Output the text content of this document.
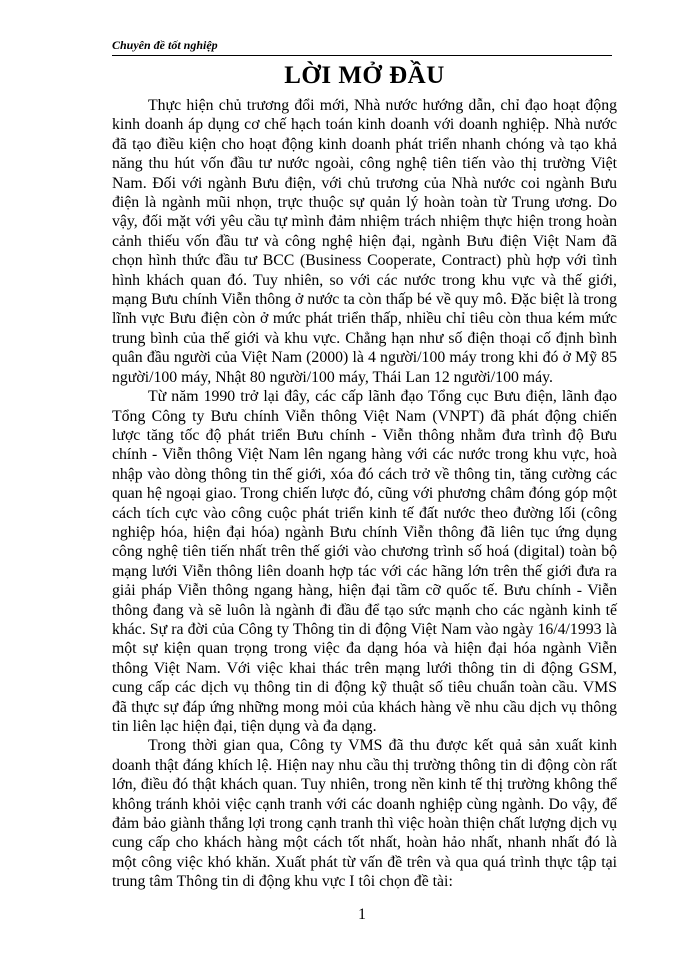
Chuyên đề tốt nghiệp
LỜI MỞ ĐẦU

Thực hiện chủ trương đổi mới, Nhà nước hướng dẫn, chỉ đạo hoạt động kinh doanh áp dụng cơ chế hạch toán kinh doanh với doanh nghiệp. Nhà nước đã tạo điều kiện cho hoạt động kinh doanh phát triển nhanh chóng và tạo khả năng thu hút vốn đầu tư nước ngoài, công nghệ tiên tiến vào thị trường Việt Nam. Đối với ngành Bưu điện, với chủ trương của Nhà nước coi ngành Bưu điện là ngành mũi nhọn, trực thuộc sự quản lý hoàn toàn từ Trung ương. Do vậy, đối mặt với yêu cầu tự mình đảm nhiệm trách nhiệm thực hiện trong hoàn cảnh thiếu vốn đầu tư và công nghệ hiện đại, ngành Bưu điện Việt Nam đã chọn hình thức đầu tư BCC (Business Cooperate, Contract) phù hợp với tình hình khách quan đó. Tuy nhiên, so với các nước trong khu vực và thế giới, mạng Bưu chính Viễn thông ở nước ta còn thấp bé về quy mô. Đặc biệt là trong lĩnh vực Bưu điện còn ở mức phát triển thấp, nhiều chỉ tiêu còn thua kém mức trung bình của thế giới và khu vực. Chẳng hạn như số điện thoại cố định bình quân đầu người của Việt Nam (2000) là 4 người/100 máy trong khi đó ở Mỹ 85 người/100 máy, Nhật 80 người/100 máy, Thái Lan 12 người/100 máy.

Từ năm 1990 trở lại đây, các cấp lãnh đạo Tổng cục Bưu điện, lãnh đạo Tổng Công ty Bưu chính Viễn thông Việt Nam (VNPT) đã phát động chiến lược tăng tốc độ phát triển Bưu chính - Viễn thông nhằm đưa trình độ Bưu chính - Viễn thông Việt Nam lên ngang hàng với các nước trong khu vực, hoà nhập vào dòng thông tin thế giới, xóa đó cách trở về thông tin, tăng cường các quan hệ ngoại giao. Trong chiến lược đó, cũng với phương châm đóng góp một cách tích cực vào công cuộc phát triển kinh tế đất nước theo đường lối (công nghiệp hóa, hiện đại hóa) ngành Bưu chính Viễn thông đã liên tục ứng dụng công nghệ tiên tiến nhất trên thế giới vào chương trình số hoá (digital) toàn bộ mạng lưới Viễn thông liên doanh hợp tác với các hãng lớn trên thế giới đưa ra giải pháp Viễn thông ngang hàng, hiện đại tầm cỡ quốc tế. Bưu chính - Viễn thông đang và sẽ luôn là ngành đi đầu để tạo sức mạnh cho các ngành kinh tế khác. Sự ra đời của Công ty Thông tin di động Việt Nam vào ngày 16/4/1993 là một sự kiện quan trọng trong việc đa dạng hóa và hiện đại hóa ngành Viễn thông Việt Nam. Với việc khai thác trên mạng lưới thông tin di động GSM, cung cấp các dịch vụ thông tin di động kỹ thuật số tiêu chuẩn toàn cầu. VMS đã thực sự đáp ứng những mong mỏi của khách hàng về nhu cầu dịch vụ thông tin liên lạc hiện đại, tiện dụng và đa dạng.

Trong thời gian qua, Công ty VMS đã thu được kết quả sản xuất kinh doanh thật đáng khích lệ. Hiện nay nhu cầu thị trường thông tin di động còn rất lớn, điều đó thật khách quan. Tuy nhiên, trong nền kinh tế thị trường không thể không tránh khỏi việc cạnh tranh với các doanh nghiệp cùng ngành. Do vậy, để đảm bảo giành thắng lợi trong cạnh tranh thì việc hoàn thiện chất lượng dịch vụ cung cấp cho khách hàng một cách tốt nhất, hoàn hảo nhất, nhanh nhất đó là một công việc khó khăn. Xuất phát từ vấn đề trên và qua quá trình thực tập tại trung tâm Thông tin di động khu vực I tôi chọn đề tài:

1
